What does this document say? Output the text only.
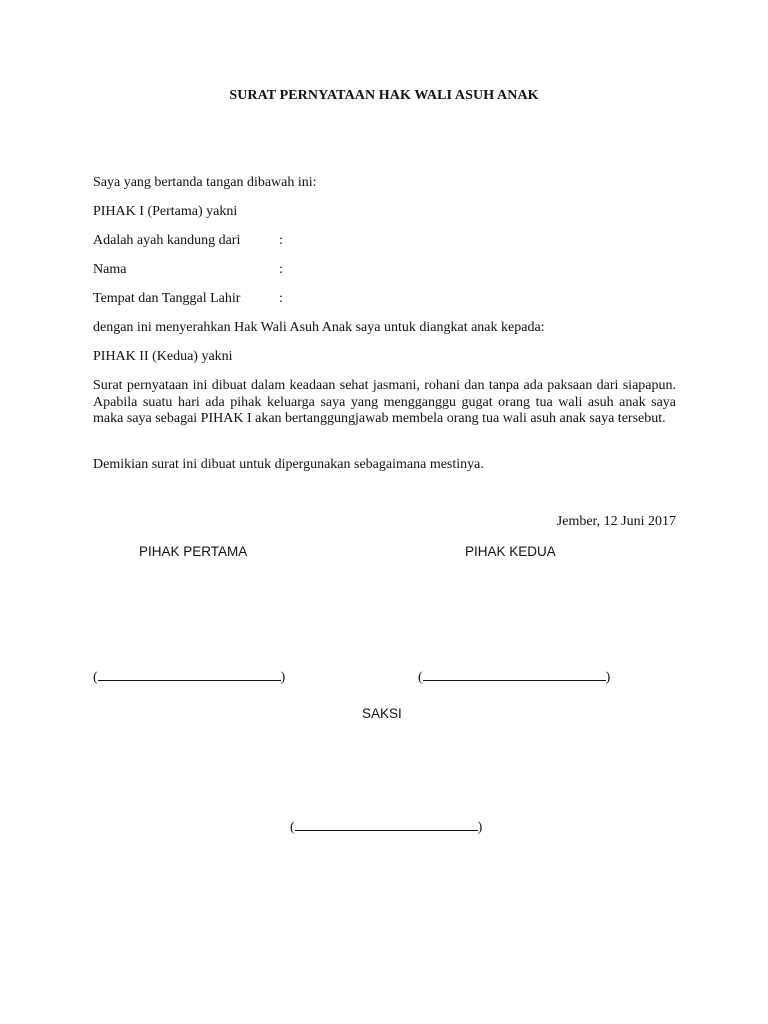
SURAT PERNYATAAN HAK WALI ASUH ANAK
Saya yang bertanda tangan dibawah ini:
PIHAK I (Pertama) yakni
Adalah ayah kandung dari	:
Nama	:
Tempat dan Tanggal Lahir	:
dengan ini menyerahkan Hak Wali Asuh Anak saya untuk diangkat anak kepada:
PIHAK II (Kedua) yakni
Surat pernyataan ini dibuat dalam keadaan sehat jasmani, rohani dan tanpa ada paksaan dari siapapun. Apabila suatu hari ada pihak keluarga saya yang mengganggu gugat orang tua wali asuh anak saya maka saya sebagai PIHAK I akan bertanggungjawab membela orang tua wali asuh anak saya tersebut.
Demikian surat ini dibuat untuk dipergunakan sebagaimana mestinya.
Jember, 12 Juni 2017
PIHAK PERTAMA	PIHAK KEDUA
(	)	(	)
SAKSI
(	)
